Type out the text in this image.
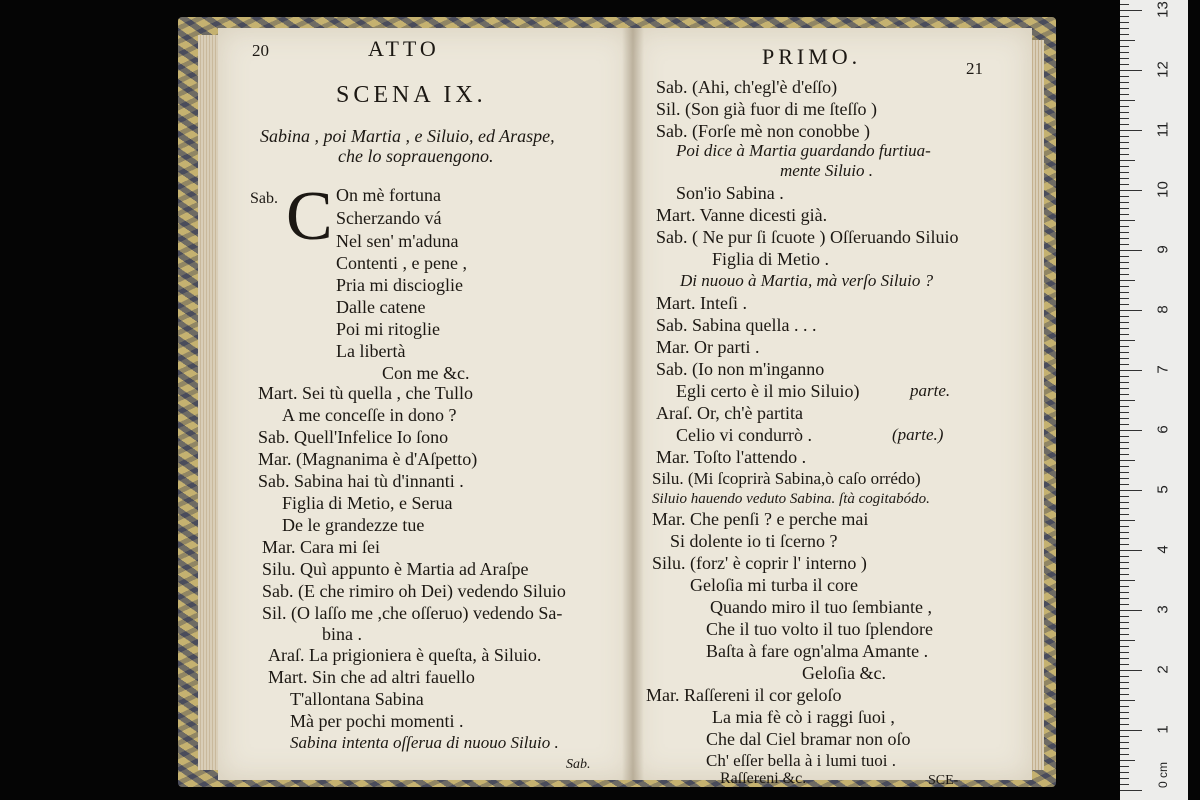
20	ATTO
SCENA IX.
Sabina , poi Martia , e Siluio, ed Araspe,
che lo soprauengono.
Sab. C On mè fortuna
Scherzando vá
Nel sen' m'aduna
Contenti , e pene ,
Pria mi discioglie
Dalle catene
Poi mi ritoglie
La libertà
Con me &c.
Mart. Sei tù quella , che Tullo
A me conceſſe in dono ?
Sab. Quell'Infelice Io ſono
Mar. (Magnanima è d'Aſpetto)
Sab. Sabina hai tù d'innanti .
Figlia di Metio, e Serua
De le grandezze tue
Mar. Cara mi ſei
Silu. Quì appunto è Martia ad Araſpe
Sab. (E che rimiro oh Dei) vedendo Siluio
Sil. (O laſſo me ,che oſſeruo) vedendo Sa-
bina .
Araſ. La prigioniera è queſta, à Siluio.
Mart. Sin che ad altri fauello
T'allontana Sabina
Mà per pochi momenti .
Sabina intenta oſſerua di nuouo Siluio .
Sab.
PRIMO.	21
Sab. (Ahi, ch'egl'è d'eſſo)
Sil. (Son già fuor di me ſteſſo )
Sab. (Forſe mè non conobbe )
Poi dice à Martia guardando furtiua-
mente Siluio .
Son'io Sabina .
Mart. Vanne dicesti già.
Sab. ( Ne pur ſi ſcuote ) Oſſeruando Siluio
Figlia di Metio .
Di nuouo à Martia, mà verſo Siluio ?
Mart. Inteſi .
Sab. Sabina quella . . .
Mar. Or parti .
Sab. (Io non m'inganno
Egli certo è il mio Siluio)	parte.
Araſ. Or, ch'è partita
Celio vi condurrò .	(parte.)
Mar. Toſto l'attendo .
Silu. (Mi ſcoprirà Sabina,ò caſo orrédo)
Siluio hauendo veduto Sabina. ſtà cogitabódo.
Mar. Che penſi ? e perche mai
Si dolente io ti ſcerno ?
Silu. (forz' è coprir l' interno )
Geloſia mi turba il core
Quando miro il tuo ſembiante ,
Che il tuo volto il tuo ſplendore
Baſta à fare ogn'alma Amante .
Geloſia &c.
Mar. Raſſereni il cor geloſo
La mia fè cò i raggi ſuoi ,
Che dal Ciel bramar non oſo
Ch' eſſer bella à i lumi tuoi .
Raſſereni &c.	SCE-
1
2
3
4
5
6
7
8
9
10
11
12
13
0 cm
